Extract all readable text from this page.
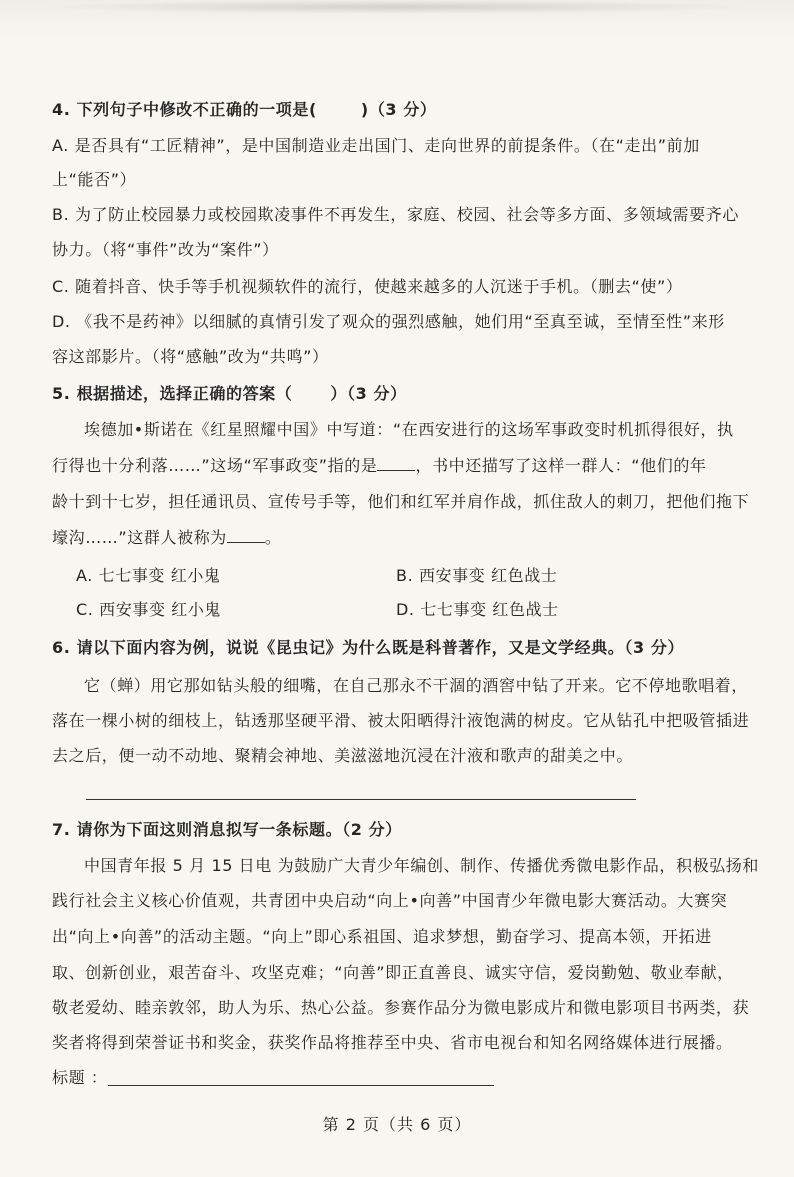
4. 下列句子中修改不正确的一项是(	)（3 分）
A. 是否具有“工匠精神”，是中国制造业走出国门、走向世界的前提条件。（在“走出”前加
上“能否”）
B. 为了防止校园暴力或校园欺凌事件不再发生，家庭、校园、社会等多方面、多领域需要齐心
协力。（将“事件”改为“案件”）
C. 随着抖音、快手等手机视频软件的流行，使越来越多的人沉迷于手机。（删去“使”）
D. 《我不是药神》以细腻的真情引发了观众的强烈感触，她们用“至真至诚，至情至性”来形
容这部影片。（将“感触”改为“共鸣”）
5. 根据描述，选择正确的答案（ ）（3 分）
埃德加•斯诺在《红星照耀中国》中写道：“在西安进行的这场军事政变时机抓得很好，执
行得也十分利落……”这场“军事政变”指的是 ，书中还描写了这样一群人：“他们的年
龄十到十七岁，担任通讯员、宣传号手等，他们和红军并肩作战，抓住敌人的刺刀，把他们拖下
壕沟……”这群人被称为 。
A. 七七事变 红小鬼	B. 西安事变 红色战士
C. 西安事变 红小鬼	D. 七七事变 红色战士
6. 请以下面内容为例，说说《昆虫记》为什么既是科普著作，又是文学经典。（3 分）
它（蝉）用它那如钻头般的细嘴，在自己那永不干涸的酒窖中钻了开来。它不停地歌唱着，
落在一棵小树的细枝上，钻透那坚硬平滑、被太阳晒得汁液饱满的树皮。它从钻孔中把吸管插进
去之后，便一动不动地、聚精会神地、美滋滋地沉浸在汁液和歌声的甜美之中。
7. 请你为下面这则消息拟写一条标题。（2 分）
中国青年报 5 月 15 日电 为鼓励广大青少年编创、制作、传播优秀微电影作品，积极弘扬和
践行社会主义核心价值观，共青团中央启动“向上•向善”中国青少年微电影大赛活动。大赛突
出“向上•向善”的活动主题。“向上”即心系祖国、追求梦想，勤奋学习、提高本领，开拓进
取、创新创业，艰苦奋斗、攻坚克难；“向善”即正直善良、诚实守信，爱岗勤勉、敬业奉献，
敬老爱幼、睦亲敦邻，助人为乐、热心公益。参赛作品分为微电影成片和微电影项目书两类，获
奖者将得到荣誉证书和奖金，获奖作品将推荐至中央、省市电视台和知名网络媒体进行展播。
标题 ：
第 2 页（共 6 页）
